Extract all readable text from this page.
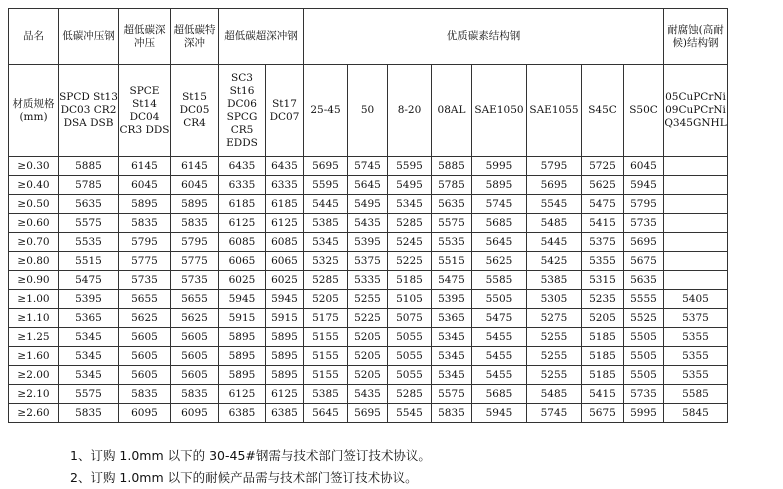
品名	低碳冲压钢	超低碳深冲压	超低碳特深冲	超低碳超深冲钢		优质碳素结构钢								耐腐蚀(高耐候)结构钢
材质规格(mm)	SPCD St13 DC03 CR2 DSA DSB	SPCE St14 DC04 CR3 DDS	St15 DC05 CR4	SC3 St16 DC06 SPCG CR5 EDDS	St17 DC07	25-45	50	8-20	08AL	SAE1050	SAE1055	S45C	S50C	05CuPCrNi 09CuPCrNi Q345GNHL
≥0.30	5885	6145	6145	6435	6435	5695	5745	5595	5885	5995	5795	5725	6045	
≥0.40	5785	6045	6045	6335	6335	5595	5645	5495	5785	5895	5695	5625	5945	
≥0.50	5635	5895	5895	6185	6185	5445	5495	5345	5635	5745	5545	5475	5795	
≥0.60	5575	5835	5835	6125	6125	5385	5435	5285	5575	5685	5485	5415	5735	
≥0.70	5535	5795	5795	6085	6085	5345	5395	5245	5535	5645	5445	5375	5695	
≥0.80	5515	5775	5775	6065	6065	5325	5375	5225	5515	5625	5425	5355	5675	
≥0.90	5475	5735	5735	6025	6025	5285	5335	5185	5475	5585	5385	5315	5635	
≥1.00	5395	5655	5655	5945	5945	5205	5255	5105	5395	5505	5305	5235	5555	5405
≥1.10	5365	5625	5625	5915	5915	5175	5225	5075	5365	5475	5275	5205	5525	5375
≥1.25	5345	5605	5605	5895	5895	5155	5205	5055	5345	5455	5255	5185	5505	5355
≥1.60	5345	5605	5605	5895	5895	5155	5205	5055	5345	5455	5255	5185	5505	5355
≥2.00	5345	5605	5605	5895	5895	5155	5205	5055	5345	5455	5255	5185	5505	5355
≥2.10	5575	5835	5835	6125	6125	5385	5435	5285	5575	5685	5485	5415	5735	5585
≥2.60	5835	6095	6095	6385	6385	5645	5695	5545	5835	5945	5745	5675	5995	5845
1、订购 1.0mm 以下的 30-45#钢需与技术部门签订技术协议。
2、订购 1.0mm 以下的耐候产品需与技术部门签订技术协议。
